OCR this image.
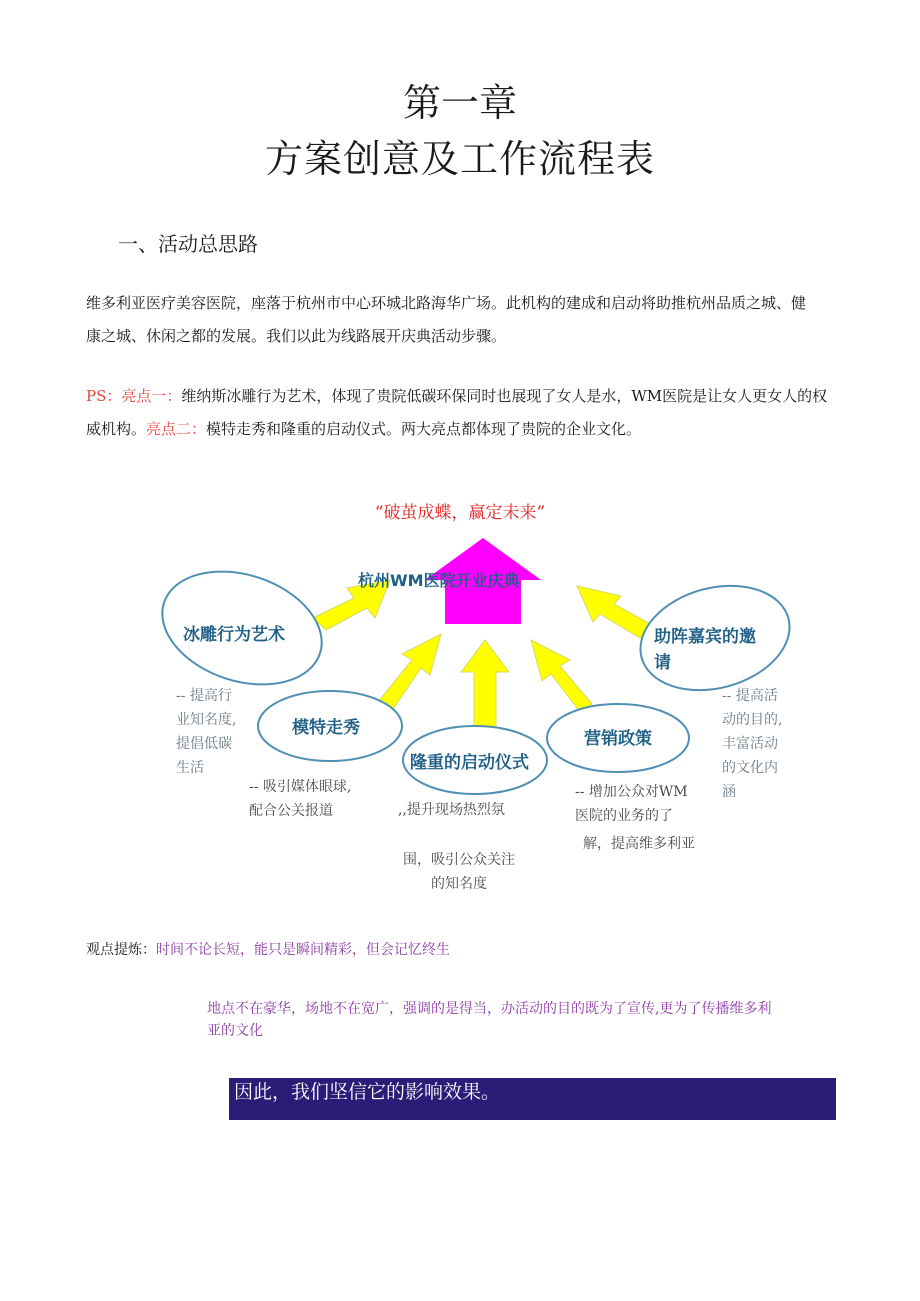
第一章
方案创意及工作流程表
一、活动总思路
维多利亚医疗美容医院，座落于杭州市中心环城北路海华广场。此机构的建成和启动将助推杭州品质之城、健
康之城、休闲之都的发展。我们以此为线路展开庆典活动步骤。
PS：亮点一：维纳斯冰雕行为艺术，体现了贵院低碳环保同时也展现了女人是水，WM医院是让女人更女人的权
威机构。亮点二：模特走秀和隆重的启动仪式。两大亮点都体现了贵院的企业文化。
“破茧成蝶，赢定未来”
杭州WM医院开业庆典
冰雕行为艺术
模特走秀
隆重的启动仪式
营销政策
助阵嘉宾的邀
请
-- 提高行
业知名度,
提倡低碳
生活
-- 吸引媒体眼球,
配合公关报道	,,提升现场热烈氛
围，吸引公众关注
的知名度
-- 增加公众对WM
医院的业务的了
解，提高维多利亚
-- 提高活
动的目的,
丰富活动
的文化内
涵
观点提炼：时间不论长短，能只是瞬间精彩，但会记忆终生
地点不在豪华，场地不在宽广，强调的是得当，办活动的目的既为了宣传,更为了传播维多利
亚的文化
因此，我们坚信它的影响效果。
